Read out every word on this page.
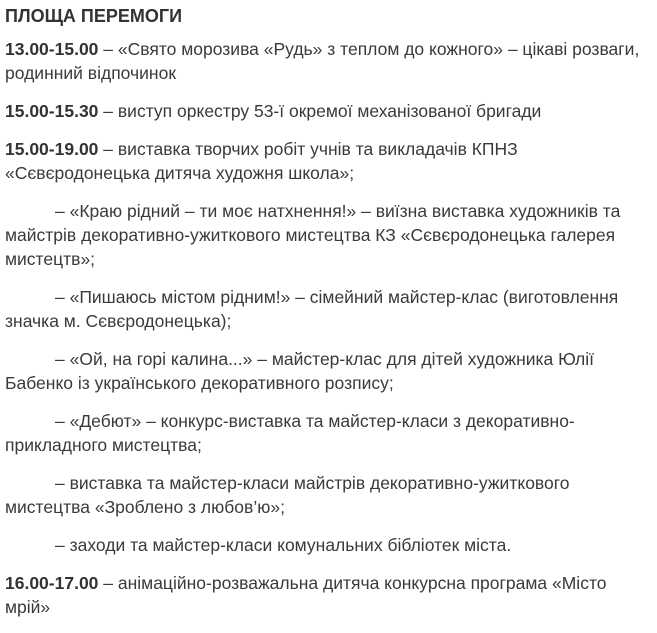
ПЛОЩА ПЕРЕМОГИ

13.00-15.00 – «Свято морозива «Рудь» з теплом до кожного» – цікаві розваги, родинний відпочинок

15.00-15.30 – виступ оркестру 53-ї окремої механізованої бригади

15.00-19.00 – виставка творчих робіт учнів та викладачів КПНЗ «Сєвєродонецька дитяча художня школа»;

– «Краю рідний – ти моє натхнення!» – виїзна виставка художників та майстрів декоративно-ужиткового мистецтва КЗ «Сєвєродонецька галерея мистецтв»;

– «Пишаюсь містом рідним!» – сімейний майстер-клас (виготовлення значка м. Сєвєродонецька);

– «Ой, на горі калина...» – майстер-клас для дітей художника Юлії Бабенко із українського декоративного розпису;

– «Дебют» – конкурс-виставка та майстер-класи з декоративно-прикладного мистецтва;

– виставка та майстер-класи майстрів декоративно-ужиткового мистецтва «Зроблено з любов’ю»;

– заходи та майстер-класи комунальних бібліотек міста.

16.00-17.00 – анімаційно-розважальна дитяча конкурсна програма «Місто мрій»
